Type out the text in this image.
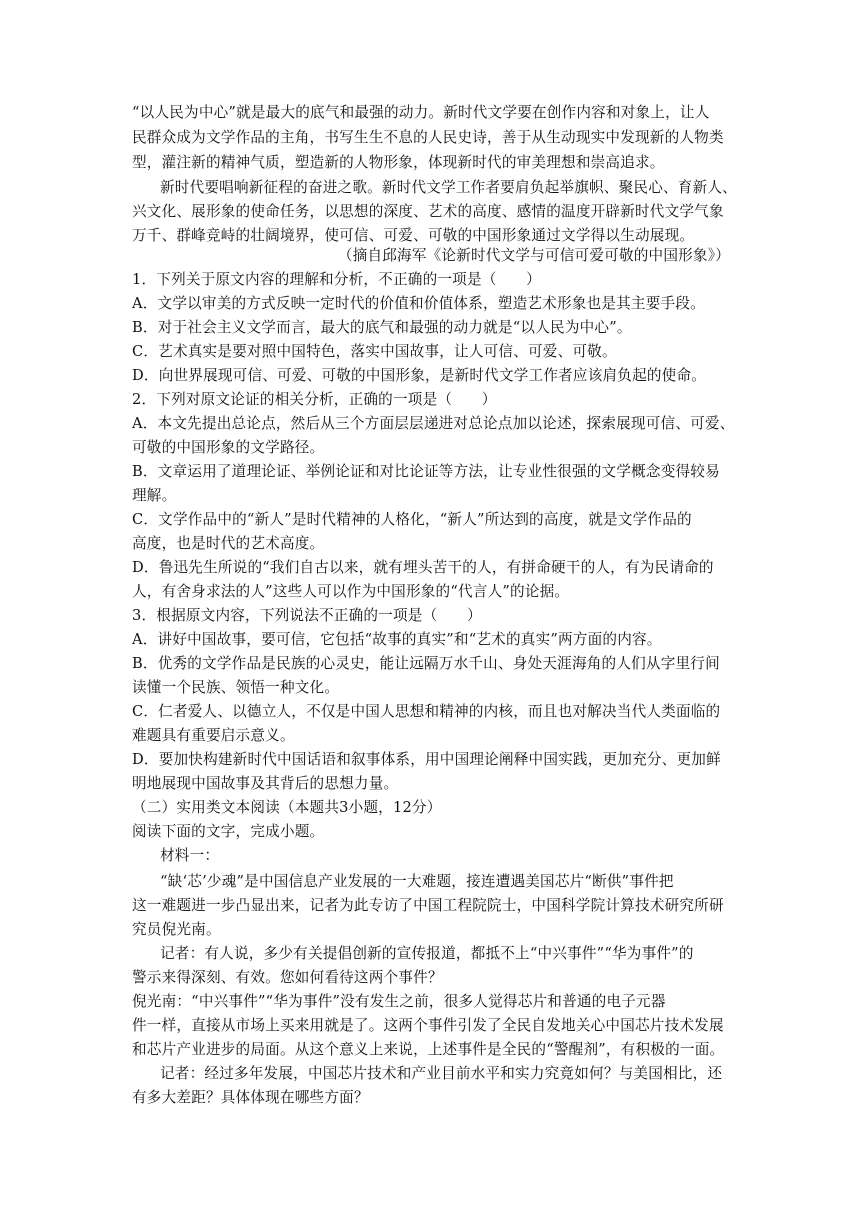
“以人民为中心”就是最大的底气和最强的动力。新时代文学要在创作内容和对象上，让人
民群众成为文学作品的主角，书写生生不息的人民史诗，善于从生动现实中发现新的人物类
型，灌注新的精神气质，塑造新的人物形象，体现新时代的审美理想和崇高追求。
新时代要唱响新征程的奋进之歌。新时代文学工作者要肩负起举旗帜、聚民心、育新人、
兴文化、展形象的使命任务，以思想的深度、艺术的高度、感情的温度开辟新时代文学气象
万千、群峰竞峙的壮阔境界，使可信、可爱、可敬的中国形象通过文学得以生动展现。
（摘自邱海军《论新时代文学与可信可爱可敬的中国形象》）
1．下列关于原文内容的理解和分析，不正确的一项是（　　）
A．文学以审美的方式反映一定时代的价值和价值体系，塑造艺术形象也是其主要手段。
B．对于社会主义文学而言，最大的底气和最强的动力就是“以人民为中心”。
C．艺术真实是要对照中国特色，落实中国故事，让人可信、可爱、可敬。
D．向世界展现可信、可爱、可敬的中国形象，是新时代文学工作者应该肩负起的使命。
2．下列对原文论证的相关分析，正确的一项是（　　）
A．本文先提出总论点，然后从三个方面层层递进对总论点加以论述，探索展现可信、可爱、
可敬的中国形象的文学路径。
B．文章运用了道理论证、举例论证和对比论证等方法，让专业性很强的文学概念变得较易
理解。
C．文学作品中的“新人”是时代精神的人格化，“新人”所达到的高度，就是文学作品的
高度，也是时代的艺术高度。
D．鲁迅先生所说的“我们自古以来，就有埋头苦干的人，有拼命硬干的人，有为民请命的
人，有舍身求法的人”这些人可以作为中国形象的“代言人”的论据。
3．根据原文内容，下列说法不正确的一项是（　　）
A．讲好中国故事，要可信，它包括“故事的真实”和“艺术的真实”两方面的内容。
B．优秀的文学作品是民族的心灵史，能让远隔万水千山、身处天涯海角的人们从字里行间
读懂一个民族、领悟一种文化。
C．仁者爱人、以德立人，不仅是中国人思想和精神的内核，而且也对解决当代人类面临的
难题具有重要启示意义。
D．要加快构建新时代中国话语和叙事体系，用中国理论阐释中国实践，更加充分、更加鲜
明地展现中国故事及其背后的思想力量。
（二）实用类文本阅读（本题共3小题，12分）
阅读下面的文字，完成小题。
材料一：
“缺‘芯’少魂”是中国信息产业发展的一大难题，接连遭遇美国芯片“断供”事件把
这一难题进一步凸显出来，记者为此专访了中国工程院院士，中国科学院计算技术研究所研
究员倪光南。
记者：有人说，多少有关提倡创新的宣传报道，都抵不上“中兴事件”“华为事件”的
警示来得深刻、有效。您如何看待这两个事件？
倪光南：“中兴事件”“华为事件”没有发生之前，很多人觉得芯片和普通的电子元器
件一样，直接从市场上买来用就是了。这两个事件引发了全民自发地关心中国芯片技术发展
和芯片产业进步的局面。从这个意义上来说，上述事件是全民的“警醒剂”，有积极的一面。
记者：经过多年发展，中国芯片技术和产业目前水平和实力究竟如何？与美国相比，还
有多大差距？具体体现在哪些方面？
